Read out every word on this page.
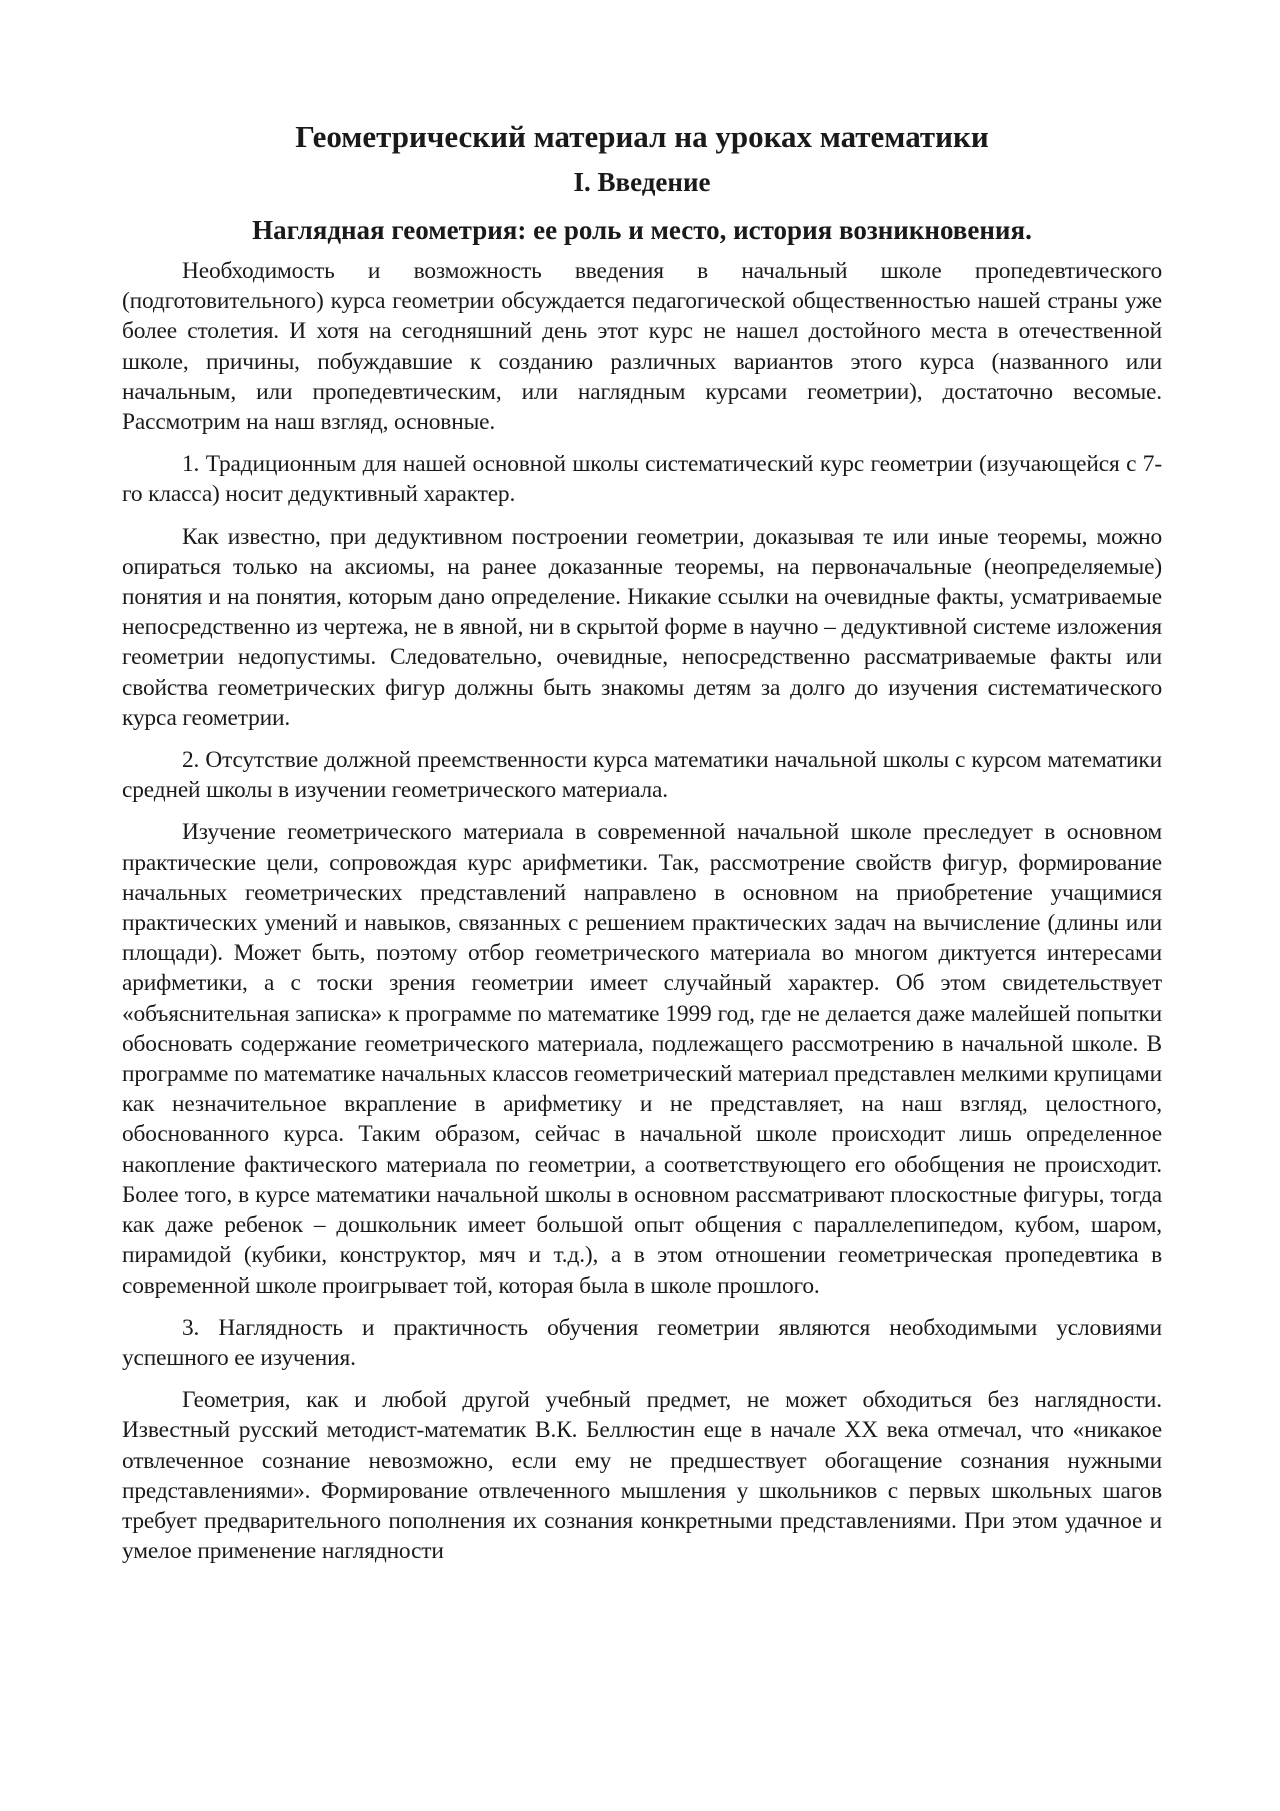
Геометрический материал на уроках математики
I. Введение
Наглядная геометрия: ее роль и место, история возникновения.

Необходимость и возможность введения в начальный школе пропедевтического (подготовительного) курса геометрии обсуждается педагогической общественностью нашей страны уже более столетия. И хотя на сегодняшний день этот курс не нашел достойного места в отечественной школе, причины, побуждавшие к созданию различных вариантов этого курса (названного или начальным, или пропедевтическим, или наглядным курсами геометрии), достаточно весомые. Рассмотрим на наш взгляд, основные.

1. Традиционным для нашей основной школы систематический курс геометрии (изучающейся с 7-го класса) носит дедуктивный характер.

Как известно, при дедуктивном построении геометрии, доказывая те или иные теоремы, можно опираться только на аксиомы, на ранее доказанные теоремы, на первоначальные (неопределяемые) понятия и на понятия, которым дано определение. Никакие ссылки на очевидные факты, усматриваемые непосредственно из чертежа, не в явной, ни в скрытой форме в научно – дедуктивной системе изложения геометрии недопустимы. Следовательно, очевидные, непосредственно рассматриваемые факты или свойства геометрических фигур должны быть знакомы детям за долго до изучения систематического курса геометрии.

2. Отсутствие должной преемственности курса математики начальной школы с курсом математики средней школы в изучении геометрического материала.

Изучение геометрического материала в современной начальной школе преследует в основном практические цели, сопровождая курс арифметики. Так, рассмотрение свойств фигур, формирование начальных геометрических представлений направлено в основном на приобретение учащимися практических умений и навыков, связанных с решением практических задач на вычисление (длины или площади). Может быть, поэтому отбор геометрического материала во многом диктуется интересами арифметики, а с тоски зрения геометрии имеет случайный характер. Об этом свидетельствует «объяснительная записка» к программе по математике 1999 год, где не делается даже малейшей попытки обосновать содержание геометрического материала, подлежащего рассмотрению в начальной школе. В программе по математике начальных классов геометрический материал представлен мелкими крупицами как незначительное вкрапление в арифметику и не представляет, на наш взгляд, целостного, обоснованного курса. Таким образом, сейчас в начальной школе происходит лишь определенное накопление фактического материала по геометрии, а соответствующего его обобщения не происходит. Более того, в курсе математики начальной школы в основном рассматривают плоскостные фигуры, тогда как даже ребенок – дошкольник имеет большой опыт общения с параллелепипедом, кубом, шаром, пирамидой (кубики, конструктор, мяч и т.д.), а в этом отношении геометрическая пропедевтика в современной школе проигрывает той, которая была в школе прошлого.

3. Наглядность и практичность обучения геометрии являются необходимыми условиями успешного ее изучения.

Геометрия, как и любой другой учебный предмет, не может обходиться без наглядности. Известный русский методист-математик В.К. Беллюстин еще в начале XX века отмечал, что «никакое отвлеченное сознание невозможно, если ему не предшествует обогащение сознания нужными представлениями». Формирование отвлеченного мышления у школьников с первых школьных шагов требует предварительного пополнения их сознания конкретными представлениями. При этом удачное и умелое применение наглядности
